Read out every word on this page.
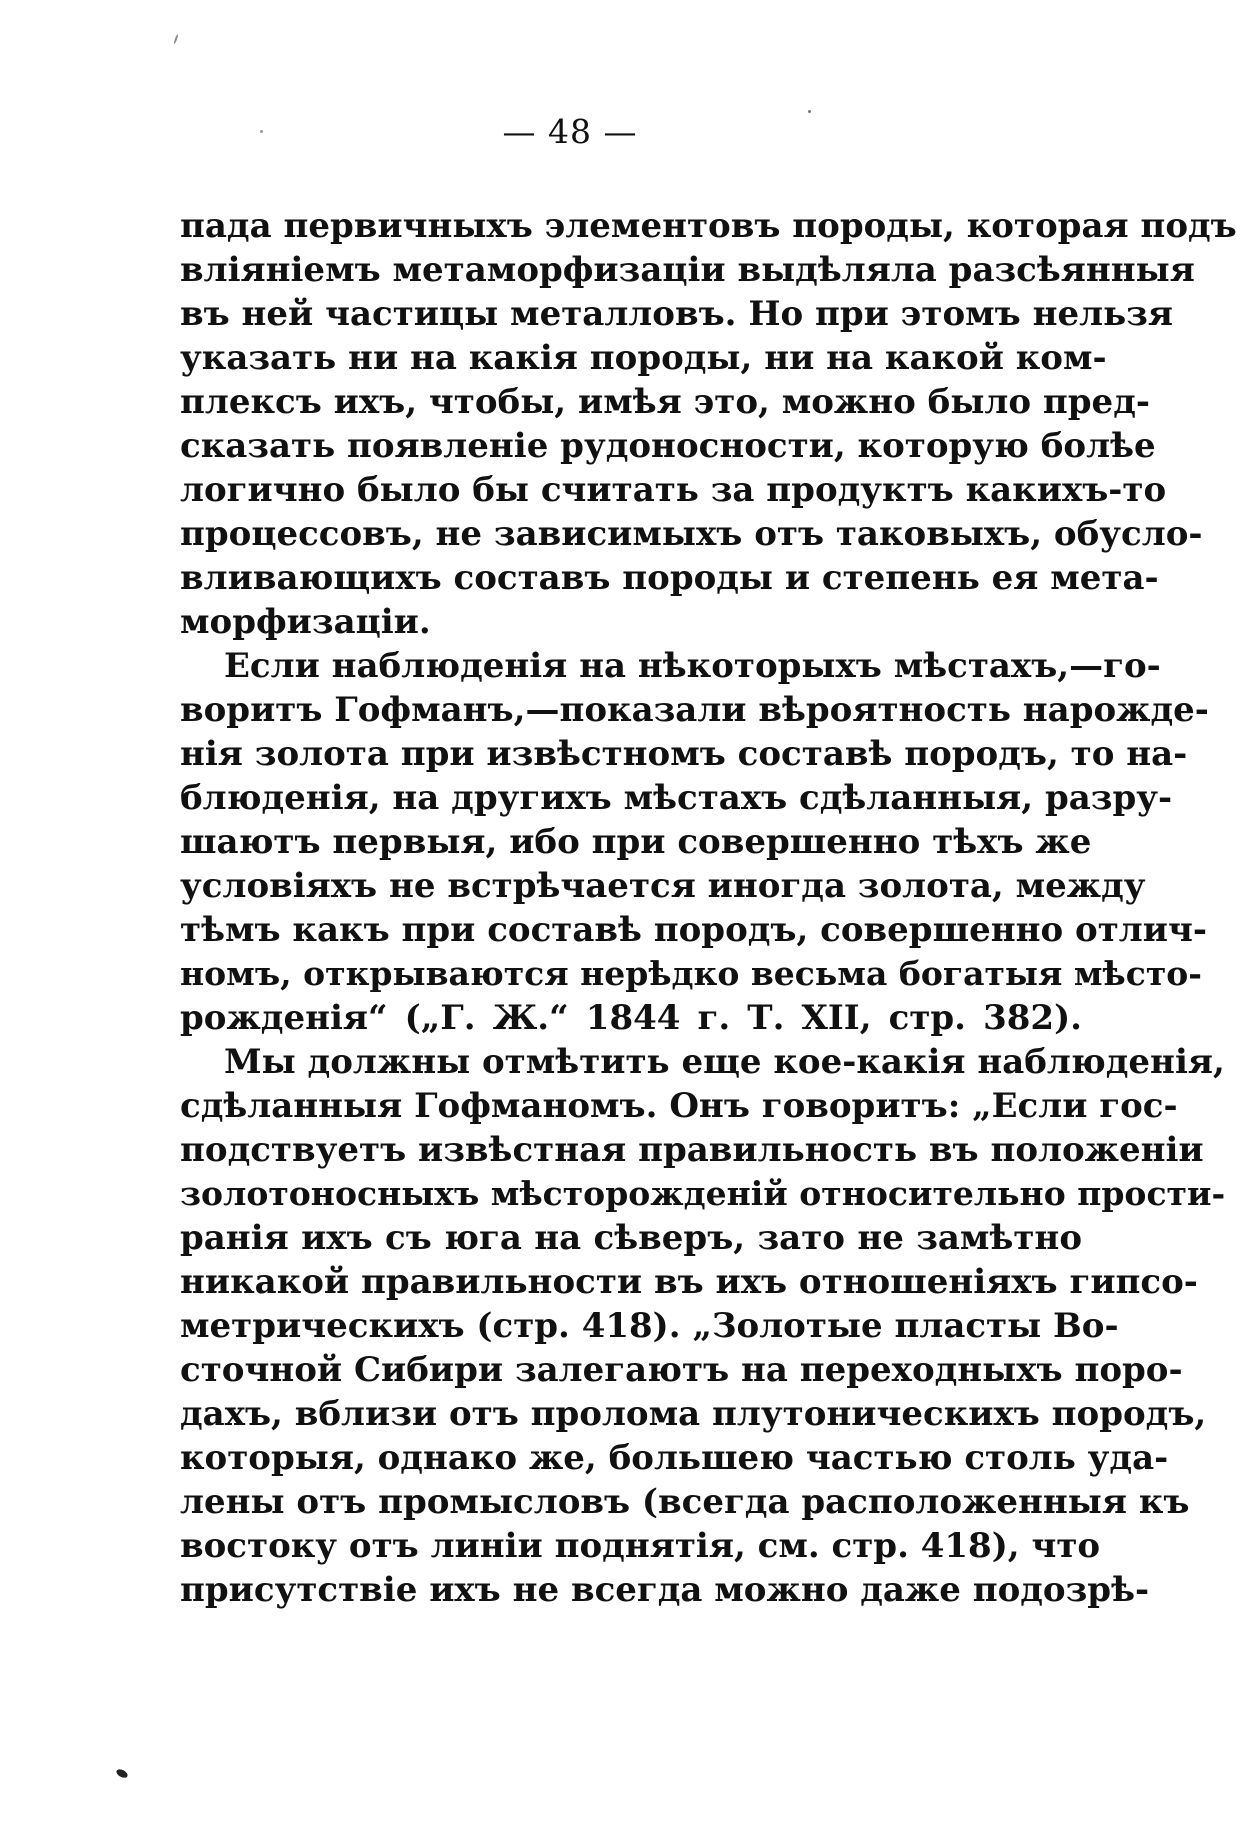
— 48 —
пада первичныхъ элементовъ породы, которая подъ
вліяніемъ метаморфизаціи выдѣляла разсѣянныя
въ ней частицы металловъ. Но при этомъ нельзя
указать ни на какія породы, ни на какой ком-
плексъ ихъ, чтобы, имѣя это, можно было пред-
сказать появленіе рудоносности, которую болѣе
логично было бы считать за продуктъ какихъ-то
процессовъ, не зависимыхъ отъ таковыхъ, обусло-
вливающихъ составъ породы и степень ея мета-
морфизаціи.
Если наблюденія на нѣкоторыхъ мѣстахъ,—го-
воритъ Гофманъ,—показали вѣроятность нарожде-
нія золота при извѣстномъ составѣ породъ, то на-
блюденія, на другихъ мѣстахъ сдѣланныя, разру-
шаютъ первыя, ибо при совершенно тѣхъ же
условіяхъ не встрѣчается иногда золота, между
тѣмъ какъ при составѣ породъ, совершенно отлич-
номъ, открываются нерѣдко весьма богатыя мѣсто-
рожденія“ („Г. Ж.“ 1844 г. Т. XII, стр. 382).
Мы должны отмѣтить еще кое-какія наблюденія,
сдѣланныя Гофманомъ. Онъ говоритъ: „Если гос-
подствуетъ извѣстная правильность въ положеніи
золотоносныхъ мѣсторожденій относительно прости-
ранія ихъ съ юга на сѣверъ, зато не замѣтно
никакой правильности въ ихъ отношеніяхъ гипсо-
метрическихъ (стр. 418). „Золотые пласты Во-
сточной Сибири залегаютъ на переходныхъ поро-
дахъ, вблизи отъ пролома плутоническихъ породъ,
которыя, однако же, большею частью столь уда-
лены отъ промысловъ (всегда расположенныя къ
востоку отъ линіи поднятія, см. стр. 418), что
присутствіе ихъ не всегда можно даже подозрѣ-
